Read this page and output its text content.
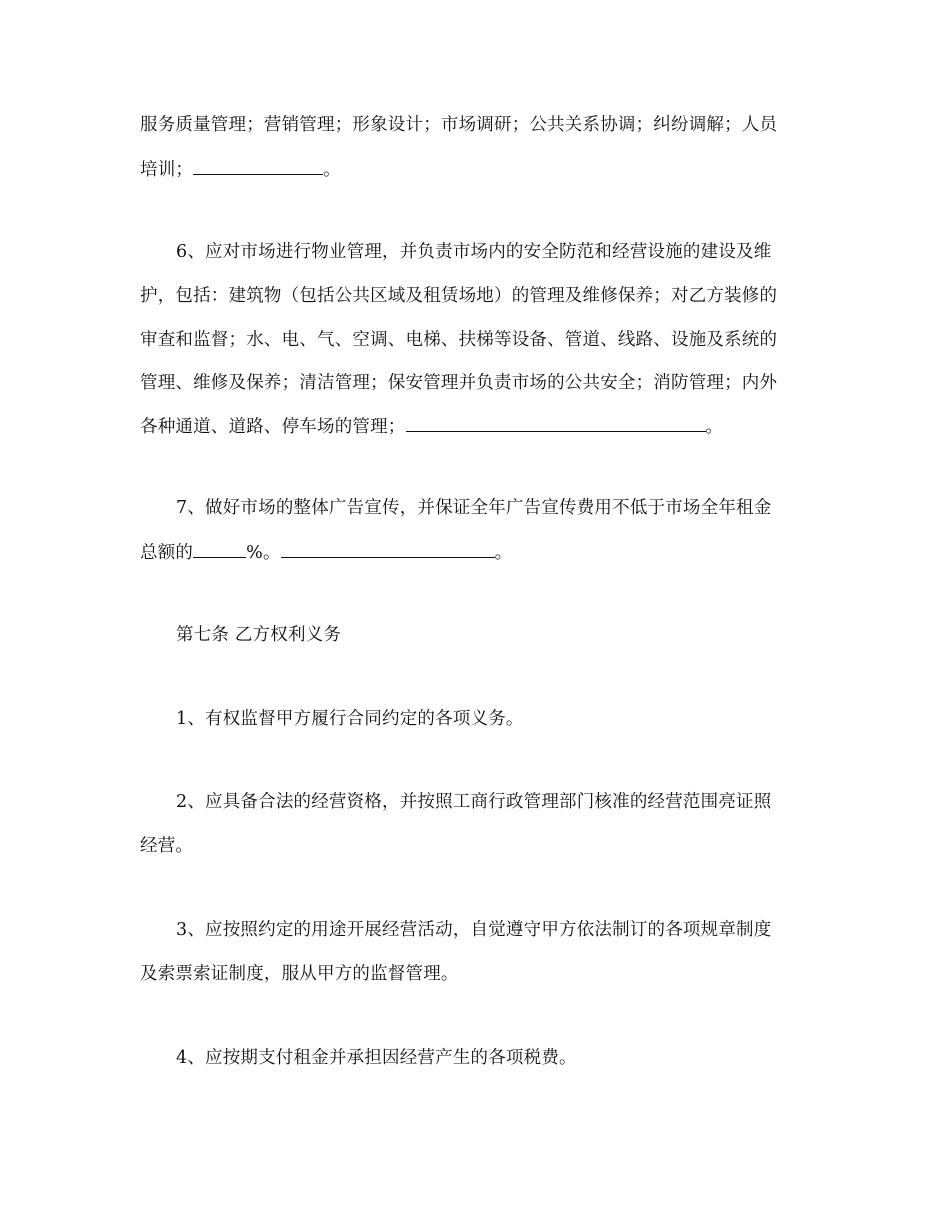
服务质量管理；营销管理；形象设计；市场调研；公共关系协调；纠纷调解；人员
培训；	。
6、应对市场进行物业管理，并负责市场内的安全防范和经营设施的建设及维
护，包括：建筑物（包括公共区域及租赁场地）的管理及维修保养；对乙方装修的
审查和监督；水、电、气、空调、电梯、扶梯等设备、管道、线路、设施及系统的
管理、维修及保养；清洁管理；保安管理并负责市场的公共安全；消防管理；内外
各种通道、道路、停车场的管理；	。
7、做好市场的整体广告宣传，并保证全年广告宣传费用不低于市场全年租金
总额的	%。	。
第七条 乙方权利义务
1、有权监督甲方履行合同约定的各项义务。
2、应具备合法的经营资格，并按照工商行政管理部门核准的经营范围亮证照
经营。
3、应按照约定的用途开展经营活动，自觉遵守甲方依法制订的各项规章制度
及索票索证制度，服从甲方的监督管理。
4、应按期支付租金并承担因经营产生的各项税费。
